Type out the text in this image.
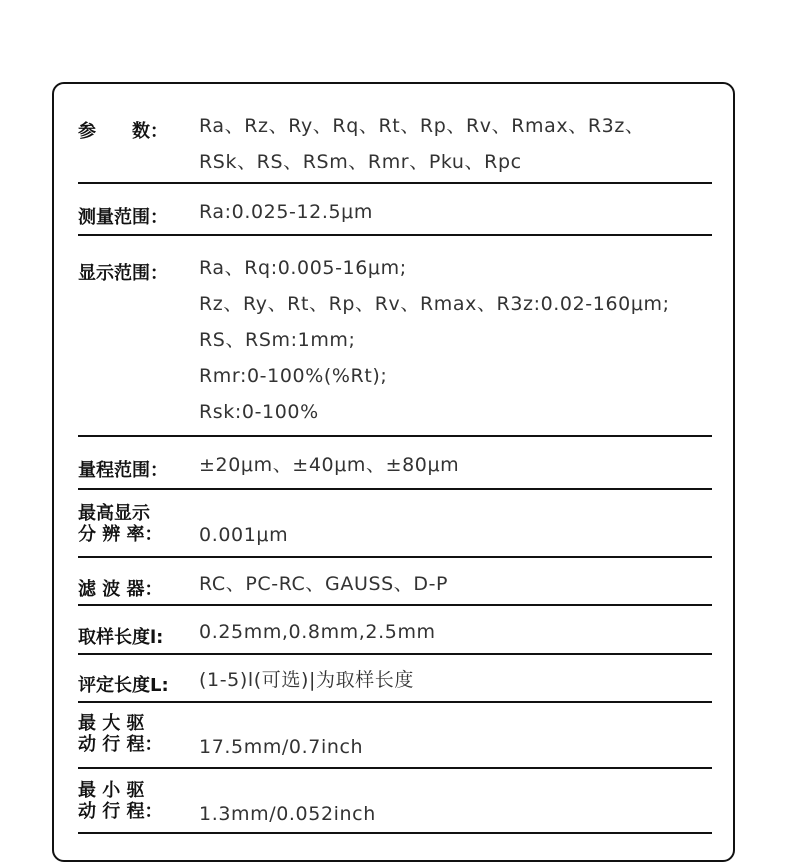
参　　数： Ra、Rz、Ry、Rq、Rt、Rp、Rv、Rmax、R3z、
RSk、RS、RSm、Rmr、Pku、Rpc
测量范围： Ra:0.025-12.5μm
显示范围： Ra、Rq:0.005-16μm;
Rz、Ry、Rt、Rp、Rv、Rmax、R3z:0.02-160μm;
RS、RSm:1mm;
Rmr:0-100%(%Rt);
Rsk:0-100%
量程范围： ±20μm、±40μm、±80μm
最高显示
分 辨 率： 0.001μm
滤 波 器： RC、PC-RC、GAUSS、D-P
取样长度l: 0.25mm,0.8mm,2.5mm
评定长度L: (1-5)l(可选)|为取样长度
最 大 驱
动 行 程： 17.5mm/0.7inch
最 小 驱
动 行 程： 1.3mm/0.052inch
